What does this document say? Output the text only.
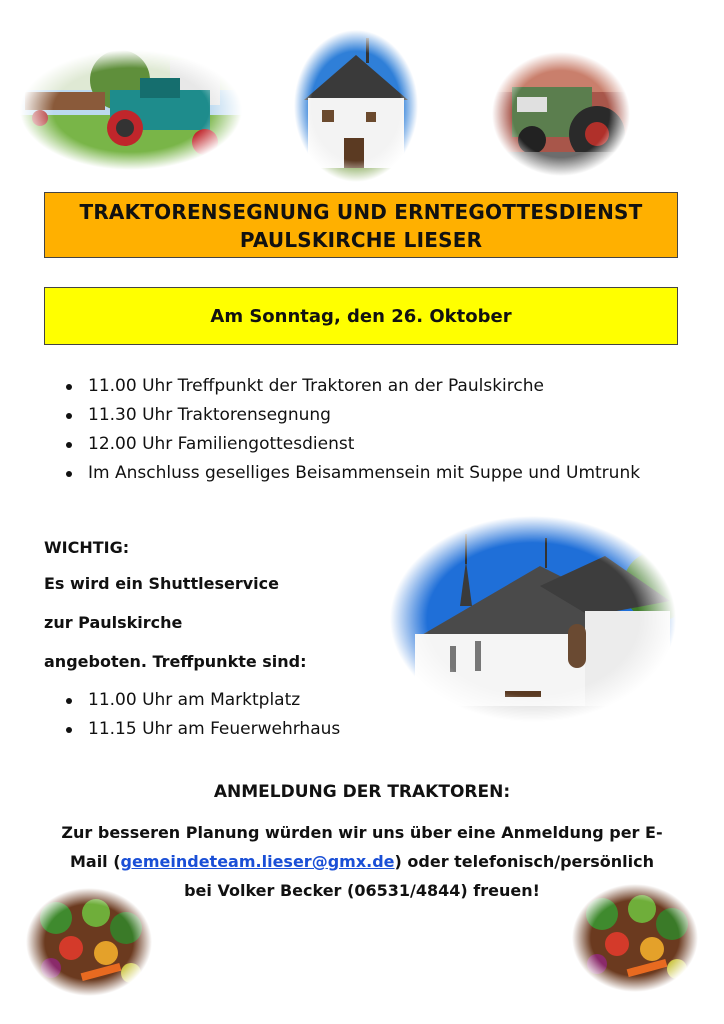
TRAKTORENSEGNUNG UND ERNTEGOTTESDIENST
PAULSKIRCHE LIESER
Am Sonntag, den 26. Oktober
11.00 Uhr Treffpunkt der Traktoren an der Paulskirche
11.30 Uhr Traktorensegnung
12.00 Uhr Familiengottesdienst
Im Anschluss geselliges Beisammensein mit Suppe und Umtrunk
WICHTIG:
Es wird ein Shuttleservice
zur Paulskirche
angeboten. Treffpunkte sind:
11.00 Uhr am Marktplatz
11.15 Uhr am Feuerwehrhaus
ANMELDUNG DER TRAKTOREN:
Zur besseren Planung würden wir uns über eine Anmeldung per E-
Mail (gemeindeteam.lieser@gmx.de) oder telefonisch/persönlich
bei Volker Becker (06531/4844) freuen!
